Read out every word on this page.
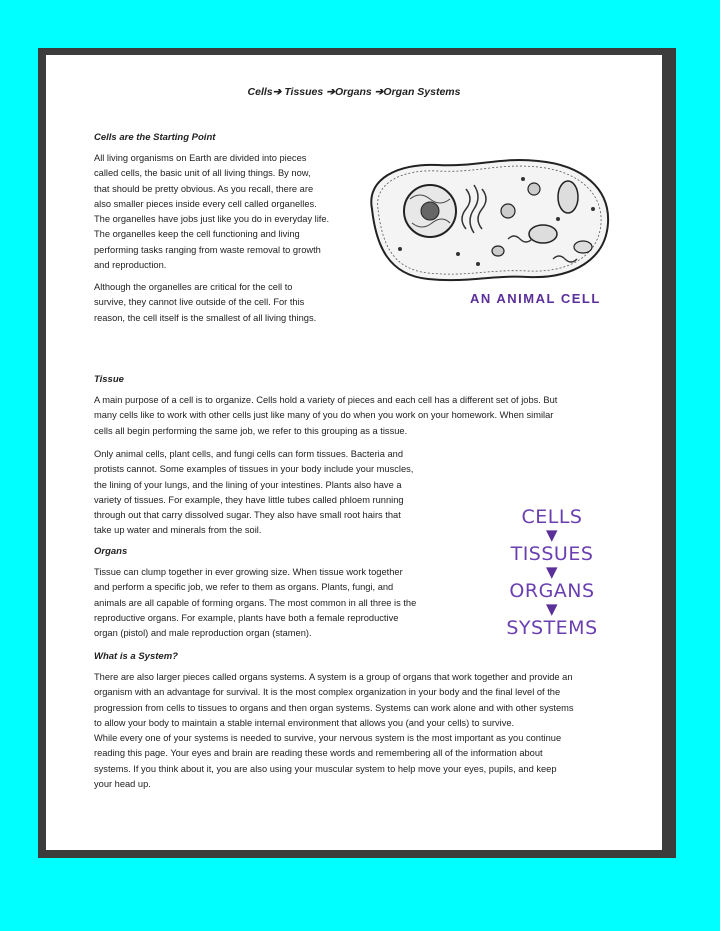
Cells➔ Tissues ➔Organs ➔Organ Systems
Cells are the Starting Point

All living organisms on Earth are divided into pieces
called cells, the basic unit of all living things. By now,
that should be pretty obvious. As you recall, there are
also smaller pieces inside every cell called organelles.
The organelles have jobs just like you do in everyday life.
The organelles keep the cell functioning and living
performing tasks ranging from waste removal to growth
and reproduction.

Although the organelles are critical for the cell to
survive, they cannot live outside of the cell. For this
reason, the cell itself is the smallest of all living things.

AN ANIMAL CELL
Tissue

A main purpose of a cell is to organize. Cells hold a variety of pieces and each cell has a different set of jobs. But
many cells like to work with other cells just like many of you do when you work on your homework. When similar
cells all begin performing the same job, we refer to this grouping as a tissue.

Only animal cells, plant cells, and fungi cells can form tissues. Bacteria and
protists cannot. Some examples of tissues in your body include your muscles,
the lining of your lungs, and the lining of your intestines. Plants also have a
variety of tissues. For example, they have little tubes called phloem running
through out that carry dissolved sugar. They also have small root hairs that
take up water and minerals from the soil.

Organs

Tissue can clump together in ever growing size. When tissue work together
and perform a specific job, we refer to them as organs. Plants, fungi, and
animals are all capable of forming organs. The most common in all three is the
reproductive organs. For example, plants have both a female reproductive
organ (pistol) and male reproduction organ (stamen).

What is a System?

There are also larger pieces called organs systems. A system is a group of organs that work together and provide an
organism with an advantage for survival. It is the most complex organization in your body and the final level of the
progression from cells to tissues to organs and then organ systems. Systems can work alone and with other systems
to allow your body to maintain a stable internal environment that allows you (and your cells) to survive.
While every one of your systems is needed to survive, your nervous system is the most important as you continue
reading this page. Your eyes and brain are reading these words and remembering all of the information about
systems. If you think about it, you are also using your muscular system to help move your eyes, pupils, and keep
your head up.

CELLS
▼
TISSUES
▼
ORGANS
▼
SYSTEMS
